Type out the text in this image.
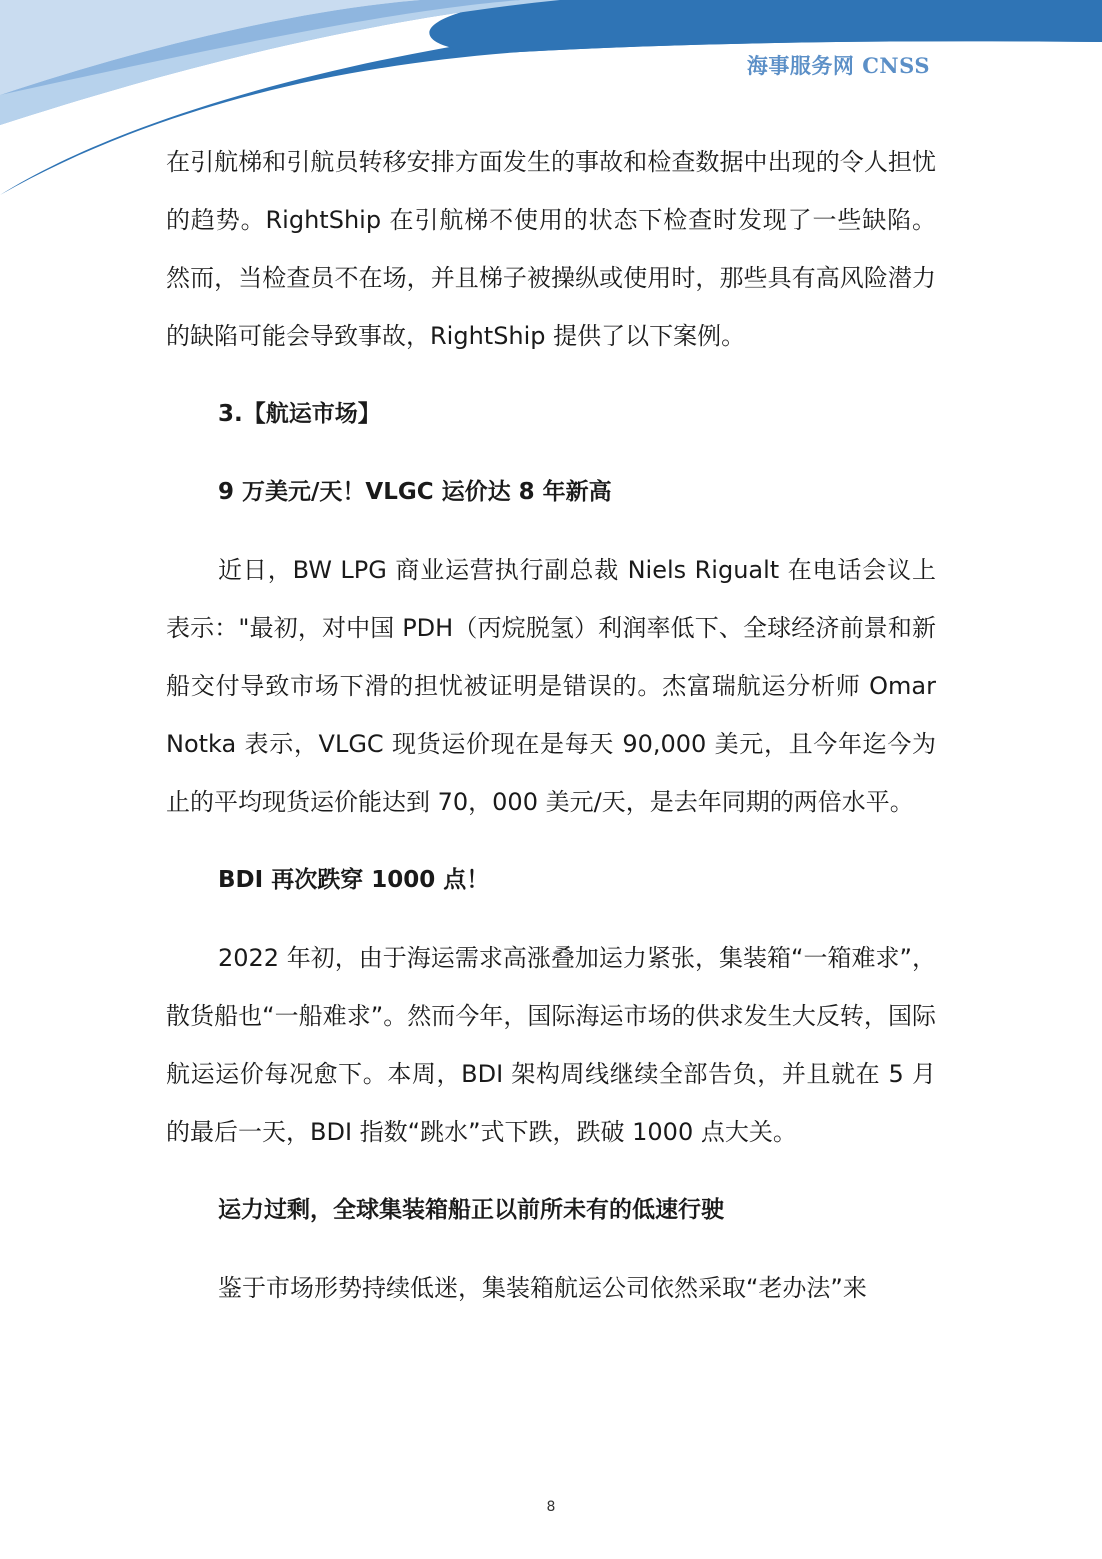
海事服务网 CNSS

在引航梯和引航员转移安排方面发生的事故和检查数据中出现的令人担忧的趋势。RightShip 在引航梯不使用的状态下检查时发现了一些缺陷。然而，当检查员不在场，并且梯子被操纵或使用时，那些具有高风险潜力的缺陷可能会导致事故，RightShip 提供了以下案例。

3.【航运市场】

9 万美元/天！VLGC 运价达 8 年新高

近日，BW LPG 商业运营执行副总裁 Niels Rigualt 在电话会议上表示："最初，对中国 PDH（丙烷脱氢）利润率低下、全球经济前景和新船交付导致市场下滑的担忧被证明是错误的。杰富瑞航运分析师 Omar Notka 表示，VLGC 现货运价现在是每天 90,000 美元，且今年迄今为止的平均现货运价能达到 70，000 美元/天，是去年同期的两倍水平。

BDI 再次跌穿 1000 点！

2022 年初，由于海运需求高涨叠加运力紧张，集装箱“一箱难求”，散货船也“一船难求”。然而今年，国际海运市场的供求发生大反转，国际航运运价每况愈下。本周，BDI 架构周线继续全部告负，并且就在 5 月的最后一天，BDI 指数“跳水”式下跌，跌破 1000 点大关。

运力过剩，全球集装箱船正以前所未有的低速行驶

鉴于市场形势持续低迷，集装箱航运公司依然采取“老办法”来

8
